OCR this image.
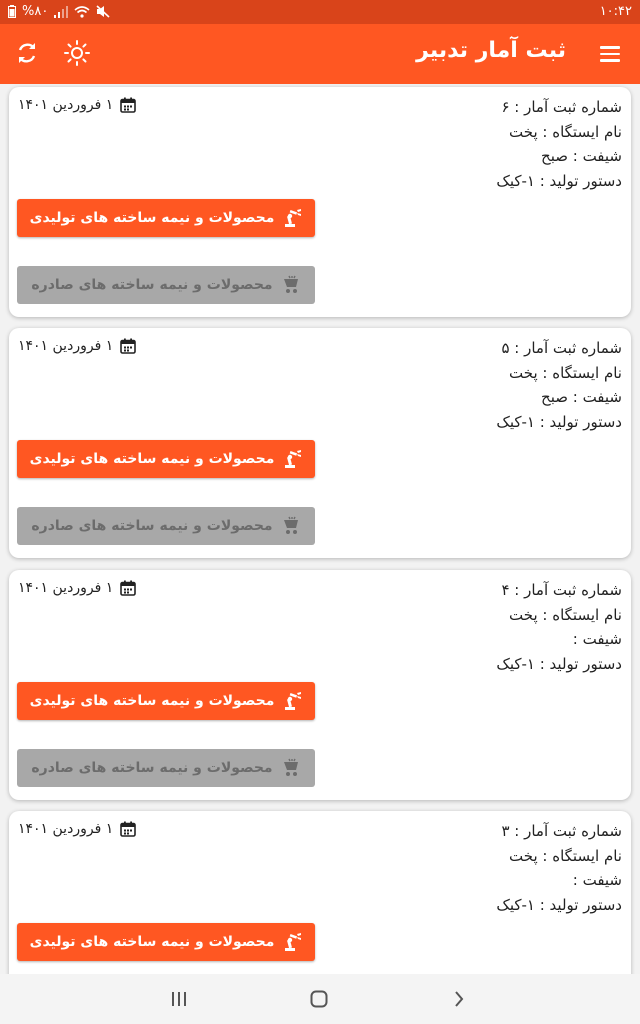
%۸۰	۱۰:۴۲
ثبت آمار تدبیر
شماره ثبت آمار : ۶
نام ایستگاه : پخت
شیفت : صبح
دستور تولید : ۱-کیک
۱ فروردین ۱۴۰۱
محصولات و نیمه ساخته های تولیدی
محصولات و نیمه ساخته های صادره
شماره ثبت آمار : ۵
نام ایستگاه : پخت
شیفت : صبح
دستور تولید : ۱-کیک
۱ فروردین ۱۴۰۱
محصولات و نیمه ساخته های تولیدی
محصولات و نیمه ساخته های صادره
شماره ثبت آمار : ۴
نام ایستگاه : پخت
شیفت :
دستور تولید : ۱-کیک
۱ فروردین ۱۴۰۱
محصولات و نیمه ساخته های تولیدی
محصولات و نیمه ساخته های صادره
شماره ثبت آمار : ۳
نام ایستگاه : پخت
شیفت :
دستور تولید : ۱-کیک
۱ فروردین ۱۴۰۱
محصولات و نیمه ساخته های تولیدی
